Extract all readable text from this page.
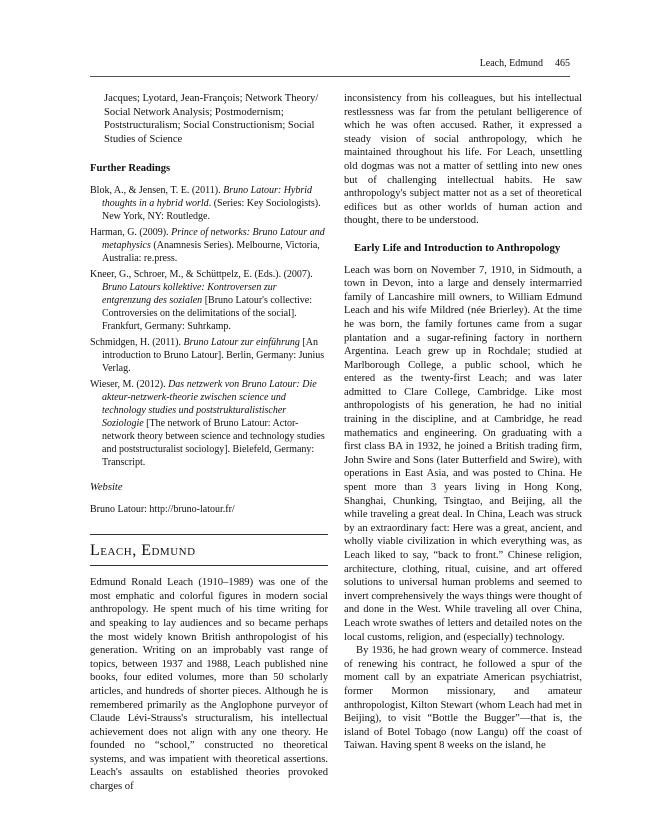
Leach, Edmund 465

Jacques; Lyotard, Jean-François; Network Theory/ Social Network Analysis; Postmodernism; Poststructuralism; Social Constructionism; Social Studies of Science

Further Readings

Blok, A., & Jensen, T. E. (2011). Bruno Latour: Hybrid thoughts in a hybrid world. (Series: Key Sociologists). New York, NY: Routledge.

Harman, G. (2009). Prince of networks: Bruno Latour and metaphysics (Anamnesis Series). Melbourne, Victoria, Australia: re.press.

Kneer, G., Schroer, M., & Schüttpelz, E. (Eds.). (2007). Bruno Latours kollektive: Kontroversen zur entgrenzung des sozialen [Bruno Latour's collective: Controversies on the delimitations of the social]. Frankfurt, Germany: Suhrkamp.

Schmidgen, H. (2011). Bruno Latour zur einführung [An introduction to Bruno Latour]. Berlin, Germany: Junius Verlag.

Wieser, M. (2012). Das netzwerk von Bruno Latour: Die akteur-netzwerk-theorie zwischen science und technology studies und poststrukturalistischer Soziologie [The network of Bruno Latour: Actor-network theory between science and technology studies and poststructuralist sociology]. Bielefeld, Germany: Transcript.

Website

Bruno Latour: http://bruno-latour.fr/

Leach, Edmund

Edmund Ronald Leach (1910–1989) was one of the most emphatic and colorful figures in modern social anthropology. He spent much of his time writing for and speaking to lay audiences and so became perhaps the most widely known British anthropologist of his generation. Writing on an improbably vast range of topics, between 1937 and 1988, Leach published nine books, four edited volumes, more than 50 scholarly articles, and hundreds of shorter pieces. Although he is remembered primarily as the Anglophone purveyor of Claude Lévi-Strauss's structuralism, his intellectual achievement does not align with any one theory. He founded no “school,” constructed no theoretical systems, and was impatient with theoretical assertions. Leach's assaults on established theories provoked charges of

inconsistency from his colleagues, but his intellectual restlessness was far from the petulant belligerence of which he was often accused. Rather, it expressed a steady vision of social anthropology, which he maintained throughout his life. For Leach, unsettling old dogmas was not a matter of settling into new ones but of challenging intellectual habits. He saw anthropology's subject matter not as a set of theoretical edifices but as other worlds of human action and thought, there to be understood.

Early Life and Introduction to Anthropology

Leach was born on November 7, 1910, in Sidmouth, a town in Devon, into a large and densely intermarried family of Lancashire mill owners, to William Edmund Leach and his wife Mildred (née Brierley). At the time he was born, the family fortunes came from a sugar plantation and a sugar-refining factory in northern Argentina. Leach grew up in Rochdale; studied at Marlborough College, a public school, which he entered as the twenty-first Leach; and was later admitted to Clare College, Cambridge. Like most anthropologists of his generation, he had no initial training in the discipline, and at Cambridge, he read mathematics and engineering. On graduating with a first class BA in 1932, he joined a British trading firm, John Swire and Sons (later Butterfield and Swire), with operations in East Asia, and was posted to China. He spent more than 3 years living in Hong Kong, Shanghai, Chunking, Tsingtao, and Beijing, all the while traveling a great deal. In China, Leach was struck by an extraordinary fact: Here was a great, ancient, and wholly viable civilization in which everything was, as Leach liked to say, “back to front.” Chinese religion, architecture, clothing, ritual, cuisine, and art offered solutions to universal human problems and seemed to invert comprehensively the ways things were thought of and done in the West. While traveling all over China, Leach wrote swathes of letters and detailed notes on the local customs, religion, and (especially) technology.

By 1936, he had grown weary of commerce. Instead of renewing his contract, he followed a spur of the moment call by an expatriate American psychiatrist, former Mormon missionary, and amateur anthropologist, Kilton Stewart (whom Leach had met in Beijing), to visit “Bottle the Bugger”—that is, the island of Botel Tobago (now Langu) off the coast of Taiwan. Having spent 8 weeks on the island, he
